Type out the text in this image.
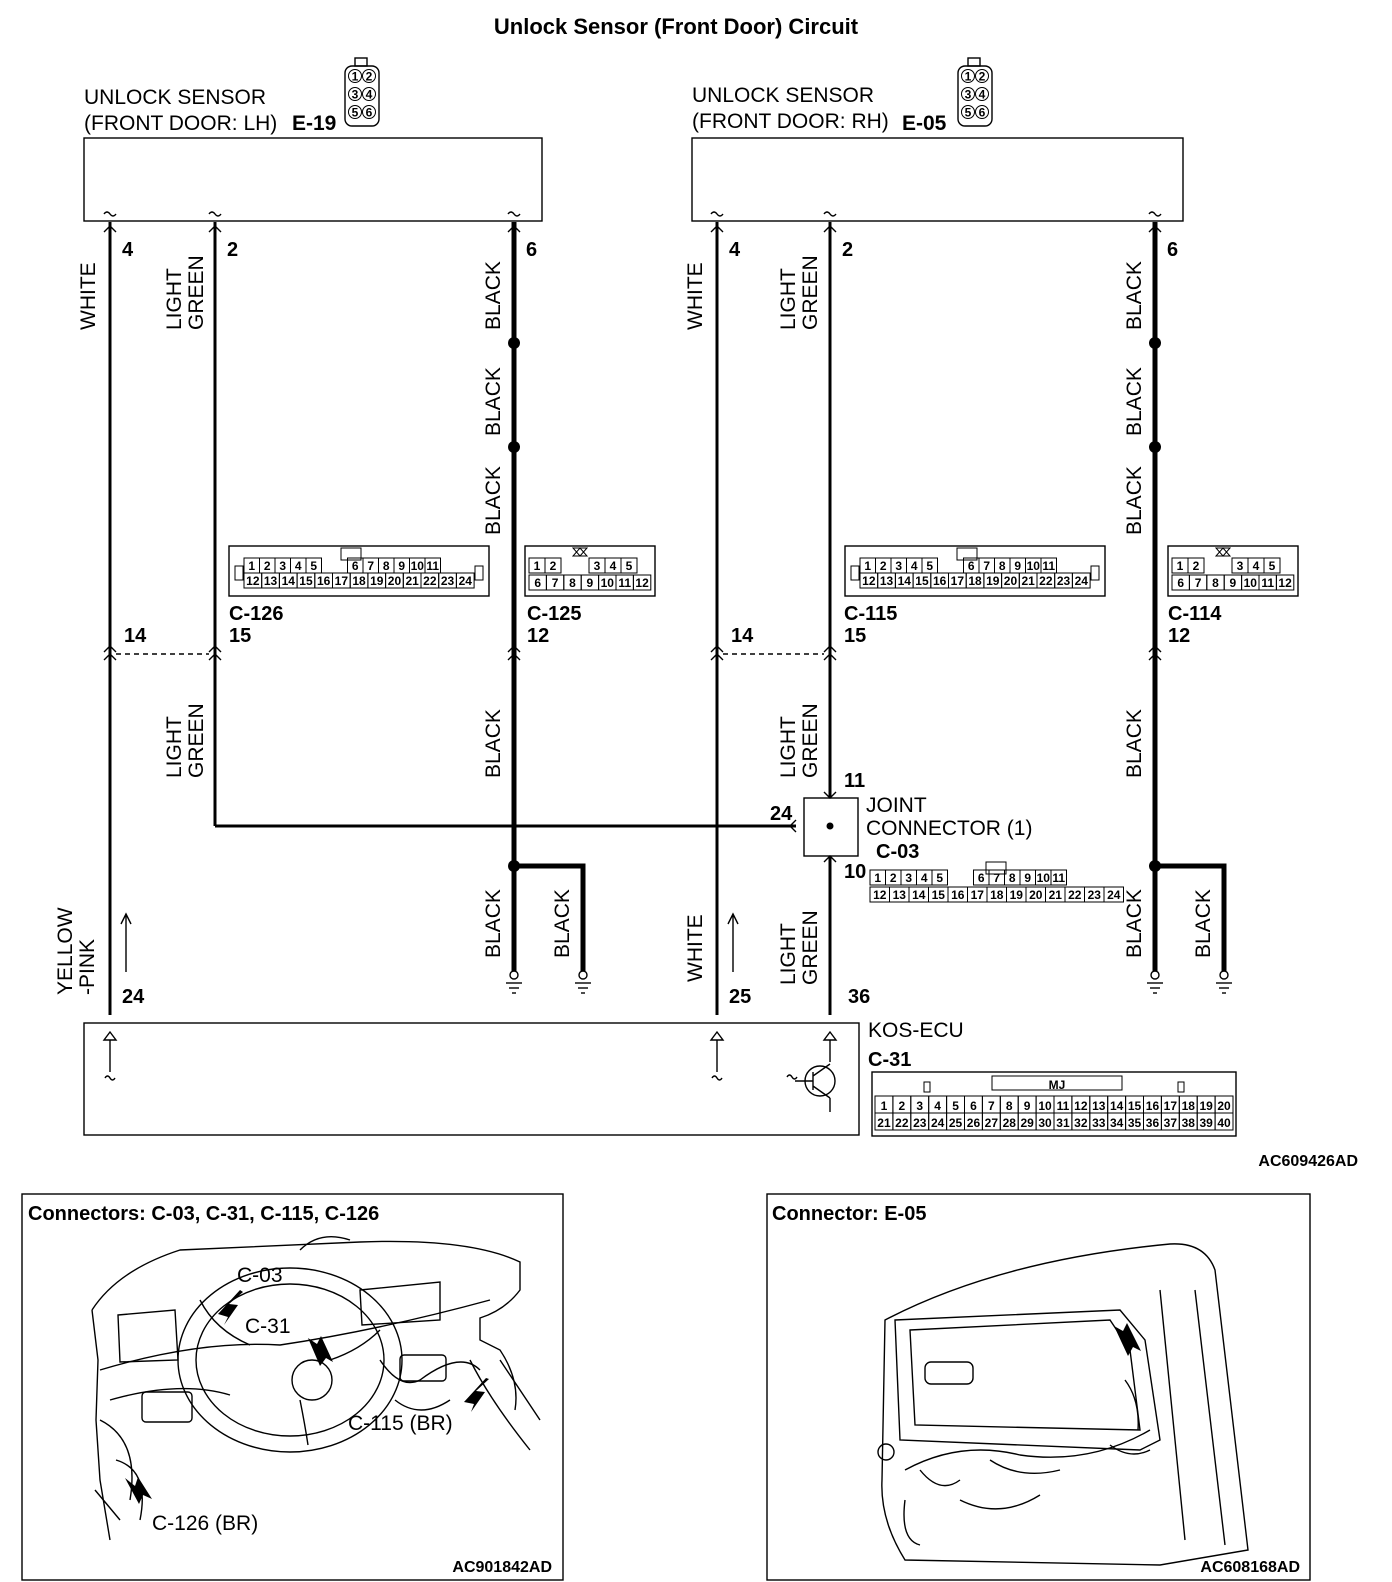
Unlock Sensor (Front Door) Circuit
UNLOCK SENSOR
(FRONT DOOR: LH) E-19
1 2
3 4
5 6
UNLOCK SENSOR
(FRONT DOOR: RH) E-05
1 2
3 4
5 6
4	2	6	4	2	6
WHITE	LIGHT GREEN	BLACK
BLACK
BLACK
WHITE	LIGHT GREEN	BLACK
BLACK
BLACK
1 2 3 4 5	6 7 8 9 10 11
12 13 14 15 16 17 18 19 20 21 22 23 24
1 2	3 4 5
6 7 8 9 10 11 12
1 2 3 4 5	6 7 8 9 10 11
12 13 14 15 16 17 18 19 20 21 22 23 24
1 2	3 4 5
6 7 8 9 10 11 12
C-126
14	15
C-125
12
C-115
14	15
C-114
12
LIGHT GREEN	BLACK	LIGHT GREEN	BLACK
11
24
10
JOINT
CONNECTOR (1)
C-03
1 2 3 4 5	6 7 8 9 10 11
12 13 14 15 16 17 18 19 20 21 22 23 24
YELLOW -PINK
BLACK BLACK	WHITE	LIGHT GREEN	BLACK BLACK
24	25	36
KOS-ECU
C-31
MJ
1 2 3 4 5 6 7 8 9 10 11 12 13 14 15 16 17 18 19 20
21 22 23 24 25 26 27 28 29 30 31 32 33 34 35 36 37 38 39 40
AC609426AD
Connectors: C-03, C-31, C-115, C-126
C-03
C-31
C-115 (BR)
C-126 (BR)
AC901842AD
Connector: E-05
AC608168AD
